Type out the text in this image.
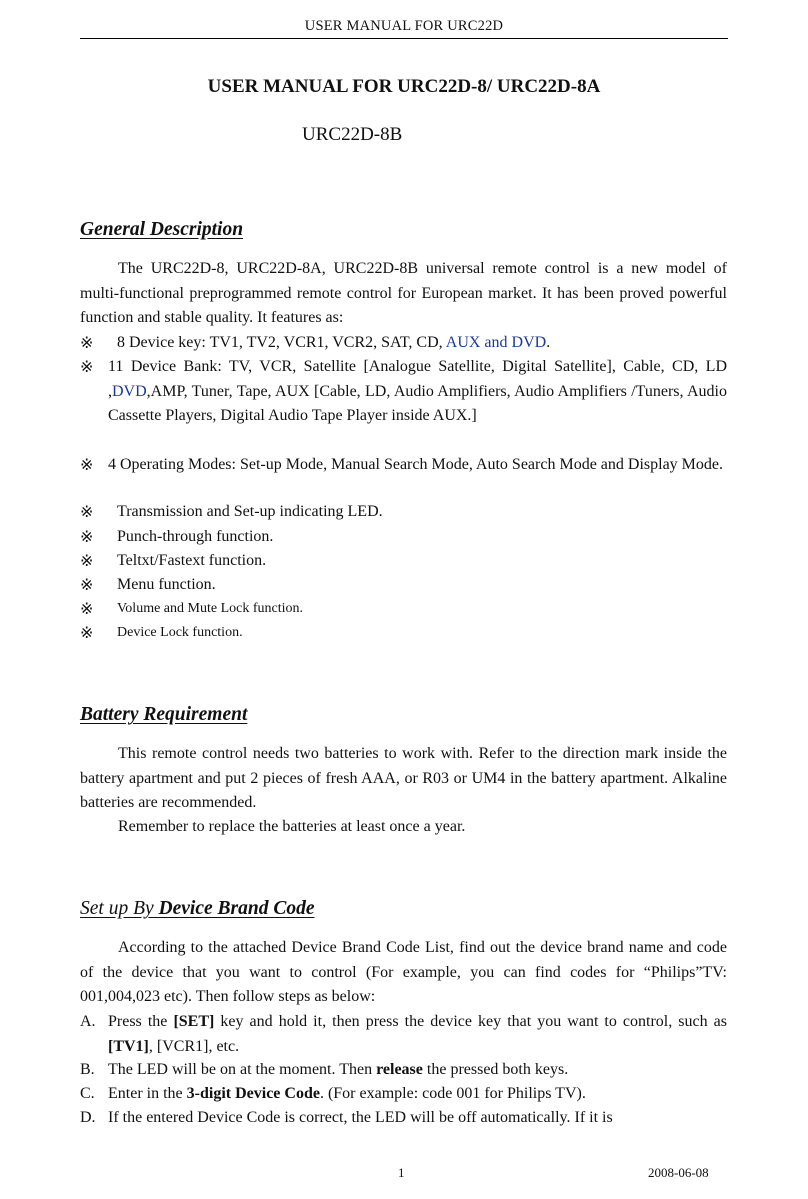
USER MANUAL FOR URC22D
USER MANUAL FOR URC22D-8/ URC22D-8A
URC22D-8B
General Description
The URC22D-8, URC22D-8A, URC22D-8B universal remote control is a new model of multi-functional preprogrammed remote control for European market. It has been proved powerful function and stable quality. It features as:
※	8 Device key: TV1, TV2, VCR1, VCR2, SAT, CD, AUX and DVD.
※ 11 Device Bank: TV, VCR, Satellite [Analogue Satellite, Digital Satellite], Cable, CD, LD ,DVD,AMP, Tuner, Tape, AUX [Cable, LD, Audio Amplifiers, Audio Amplifiers /Tuners, Audio Cassette Players, Digital Audio Tape Player inside AUX.]
※ 4 Operating Modes: Set-up Mode, Manual Search Mode, Auto Search Mode and Display Mode.
※	Transmission and Set-up indicating LED.
※	Punch-through function.
※	Teltxt/Fastext function.
※	Menu function.
※	Volume and Mute Lock function.
※	Device Lock function.
Battery Requirement
This remote control needs two batteries to work with. Refer to the direction mark inside the battery apartment and put 2 pieces of fresh AAA, or R03 or UM4 in the battery apartment. Alkaline batteries are recommended.
Remember to replace the batteries at least once a year.
Set up By Device Brand Code
According to the attached Device Brand Code List, find out the device brand name and code of the device that you want to control (For example, you can find codes for “Philips”TV: 001,004,023 etc). Then follow steps as below:
A. Press the [SET] key and hold it, then press the device key that you want to control, such as [TV1], [VCR1], etc.
B. The LED will be on at the moment. Then release the pressed both keys.
C. Enter in the 3-digit Device Code. (For example: code 001 for Philips TV).
D. If the entered Device Code is correct, the LED will be off automatically. If it is
1	2008-06-08
